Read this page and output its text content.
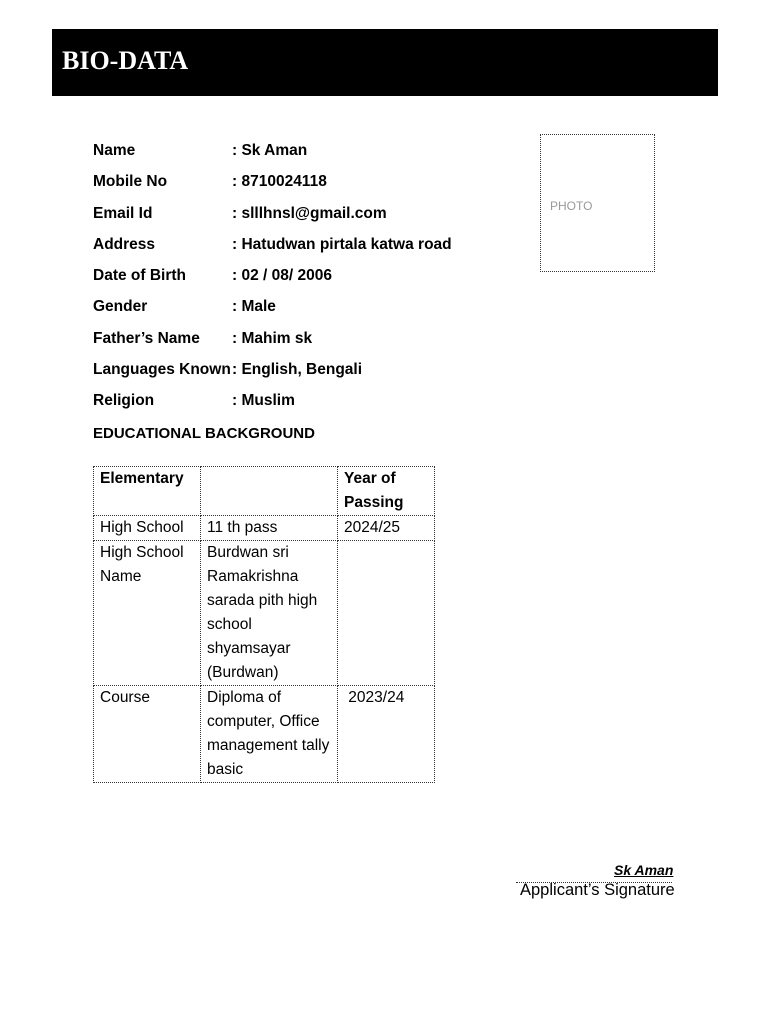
BIO-DATA
PHOTO
Name	: Sk Aman
Mobile No	: 8710024118
Email Id	: slllhnsl@gmail.com
Address	: Hatudwan pirtala katwa road
Date of Birth	: 02 / 08/ 2006
Gender	: Male
Father’s Name : Mahim sk
Languages Known : English, Bengali
Religion	: Muslim
EDUCATIONAL BACKGROUND
Elementary		Year of Passing
High School	11 th pass	2024/25
High School Name	Burdwan sri Ramakrishna sarada pith high school shyamsayar (Burdwan)	
Course	Diploma of computer, Office management tally basic	2023/24
Sk Aman
Applicant’s Signature
